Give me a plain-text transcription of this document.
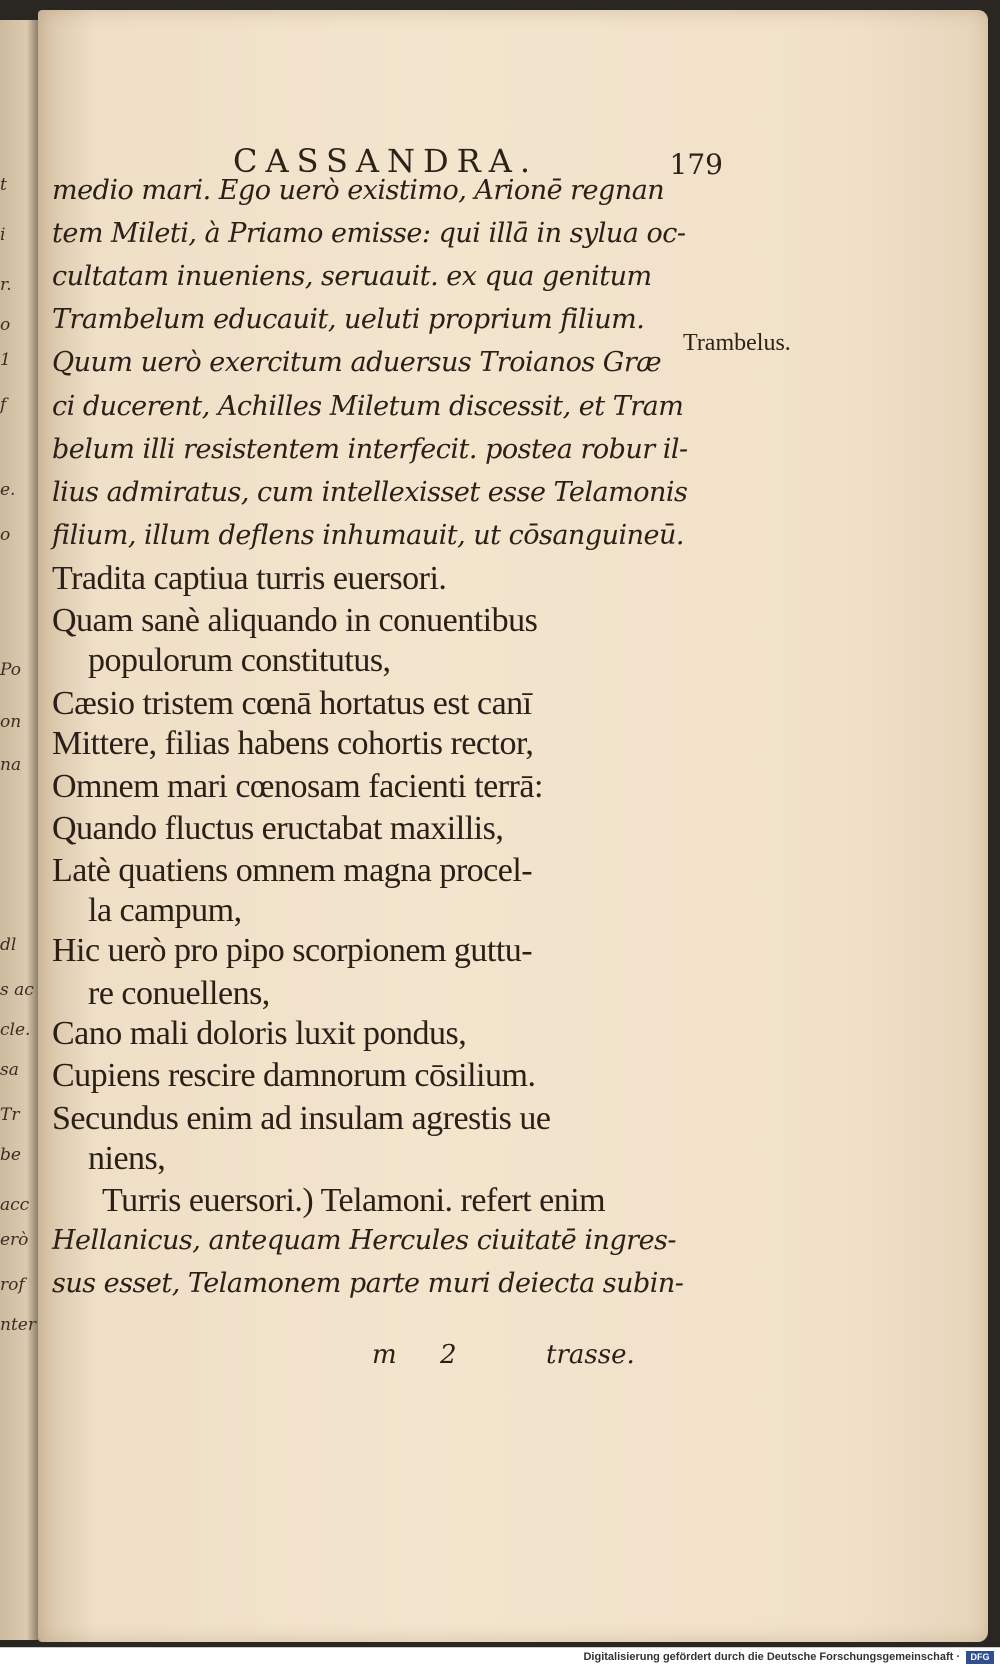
t
i
r.
o
1
f
e.
o
Po
on
na
dl
s ac
cle.
sa
Tr
be
acc
erò
rof
nter
CASSANDRA.	179
medio mari. Ego uerò existimo, Arionē regnan
tem Mileti, à Priamo emisse: qui illā in sylua oc-
cultatam inueniens, seruauit. ex qua genitum
Trambelum educauit, ueluti proprium filium.
Quum uerò exercitum aduersus Troianos Græ
ci ducerent, Achilles Miletum discessit, et Tram
belum illi resistentem interfecit. postea robur il-
lius admiratus, cum intellexisset esse Telamonis
filium, illum deflens inhumauit, ut cōsanguineū.
Tradita captiua turris euersori.
Quam sanè aliquando in conuentibus
populorum constitutus,
Cæsio tristem cœnā hortatus est canī
Mittere, filias habens cohortis rector,
Omnem mari cœnosam facienti terrā:
Quando fluctus eructabat maxillis,
Latè quatiens omnem magna procel-
la campum,
Hic uerò pro pipo scorpionem guttu-
re conuellens,
Cano mali doloris luxit pondus,
Cupiens rescire damnorum cōsilium.
Secundus enim ad insulam agrestis ue
niens,
Turris euersori.) Telamoni. refert enim
Hellanicus, antequam Hercules ciuitatē ingres-
sus esset, Telamonem parte muri deiecta subin-
Trambelus.
m 2	trasse.
Digitalisierung gefördert durch die Deutsche Forschungsgemeinschaft ·	DFG
